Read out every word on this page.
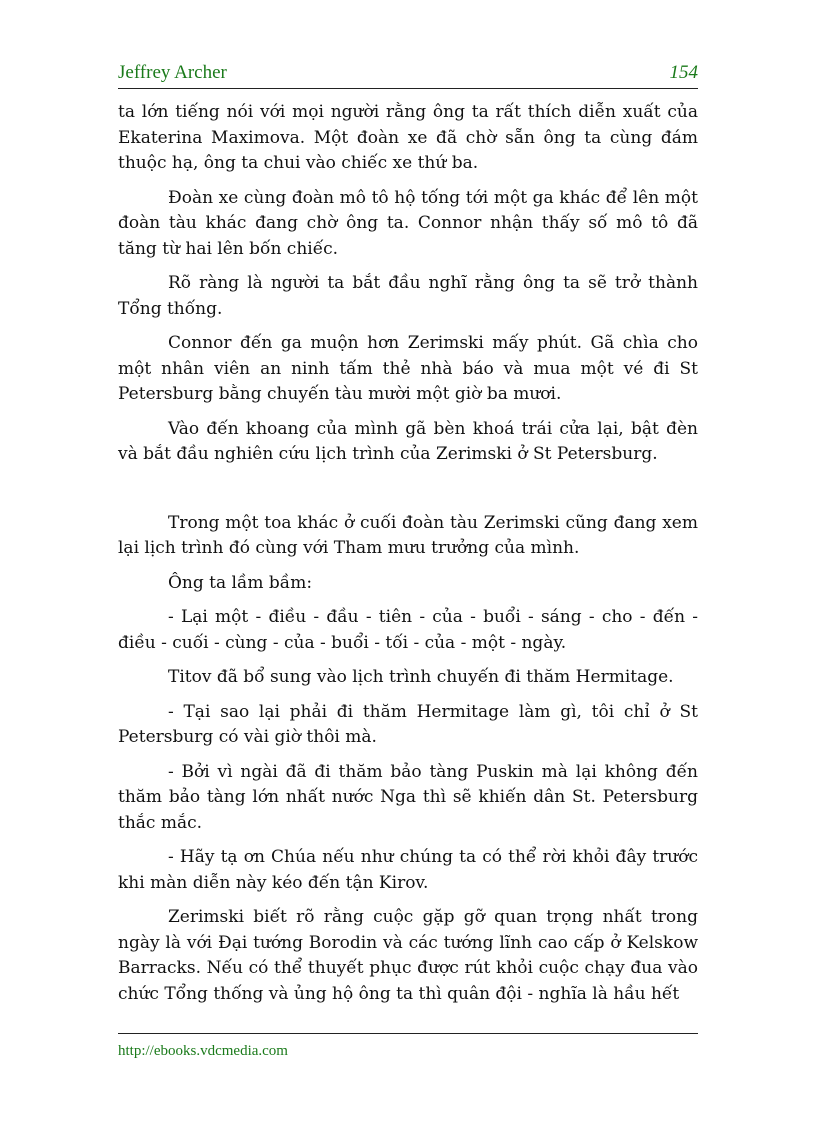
Jeffrey Archer	154

ta lớn tiếng nói với mọi người rằng ông ta rất thích diễn xuất của Ekaterina Maximova. Một đoàn xe đã chờ sẵn ông ta cùng đám thuộc hạ, ông ta chui vào chiếc xe thứ ba.

Đoàn xe cùng đoàn mô tô hộ tống tới một ga khác để lên một đoàn tàu khác đang chờ ông ta. Connor nhận thấy số mô tô đã tăng từ hai lên bốn chiếc.

Rõ ràng là người ta bắt đầu nghĩ rằng ông ta sẽ trở thành Tổng thống.

Connor đến ga muộn hơn Zerimski mấy phút. Gã chìa cho một nhân viên an ninh tấm thẻ nhà báo và mua một vé đi St Petersburg bằng chuyến tàu mười một giờ ba mươi.

Vào đến khoang của mình gã bèn khoá trái cửa lại, bật đèn và bắt đầu nghiên cứu lịch trình của Zerimski ở St Petersburg.

Trong một toa khác ở cuối đoàn tàu Zerimski cũng đang xem lại lịch trình đó cùng với Tham mưu trưởng của mình.

Ông ta lầm bầm:

- Lại một - điều - đầu - tiên - của - buổi - sáng - cho - đến - điều - cuối - cùng - của - buổi - tối - của - một - ngày.

Titov đã bổ sung vào lịch trình chuyến đi thăm Hermitage.

- Tại sao lại phải đi thăm Hermitage làm gì, tôi chỉ ở St Petersburg có vài giờ thôi mà.

- Bởi vì ngài đã đi thăm bảo tàng Puskin mà lại không đến thăm bảo tàng lớn nhất nước Nga thì sẽ khiến dân St. Petersburg thắc mắc.

- Hãy tạ ơn Chúa nếu như chúng ta có thể rời khỏi đây trước khi màn diễn này kéo đến tận Kirov.

Zerimski biết rõ rằng cuộc gặp gỡ quan trọng nhất trong ngày là với Đại tướng Borodin và các tướng lĩnh cao cấp ở Kelskow Barracks. Nếu có thể thuyết phục được rút khỏi cuộc chạy đua vào chức Tổng thống và ủng hộ ông ta thì quân đội - nghĩa là hầu hết

http://ebooks.vdcmedia.com
